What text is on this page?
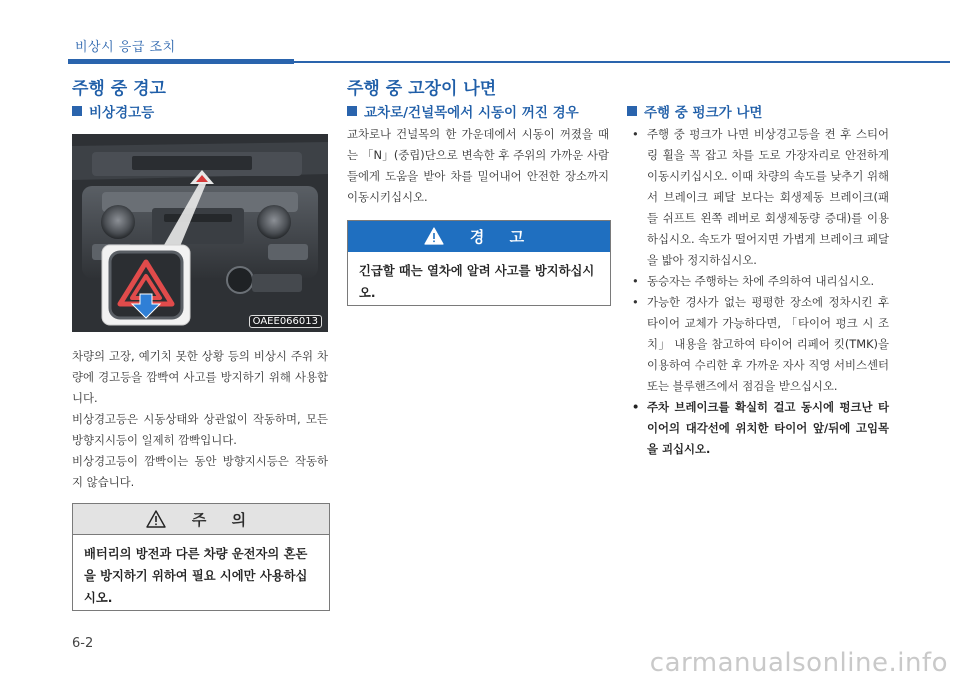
비상시 응급 조치
주행 중 경고
비상경고등
OAEE066013

차량의 고장, 예기치 못한 상황 등의 비상시 주위 차량에 경고등을 깜빡여 사고를 방지하기 위해 사용합니다.

비상경고등은 시동상태와 상관없이 작동하며, 모든 방향지시등이 일제히 깜빡입니다.

비상경고등이 깜빡이는 동안 방향지시등은 작동하지 않습니다.

주 의
배터리의 방전과 다른 차량 운전자의 혼돈을 방지하기 위하여 필요 시에만 사용하십시오.
주행 중 고장이 나면
교차로/건널목에서 시동이 꺼진 경우

교차로나 건널목의 한 가운데에서 시동이 꺼졌을 때는 「N」(중립)단으로 변속한 후 주위의 가까운 사람들에게 도움을 받아 차를 밀어내어 안전한 장소까지 이동시키십시오.

경 고
긴급할 때는 열차에 알려 사고를 방지하십시오.
주행 중 펑크가 나면
• 주행 중 펑크가 나면 비상경고등을 켠 후 스티어링 휠을 꼭 잡고 차를 도로 가장자리로 안전하게 이동시키십시오. 이때 차량의 속도를 낮추기 위해서 브레이크 페달 보다는 회생제동 브레이크(패들 쉬프트 왼쪽 레버로 회생제동량 증대)를 이용하십시오. 속도가 떨어지면 가볍게 브레이크 페달을 밟아 정지하십시오.
• 동승자는 주행하는 차에 주의하여 내리십시오.
• 가능한 경사가 없는 평평한 장소에 정차시킨 후 타이어 교체가 가능하다면, 「타이어 펑크 시 조치」 내용을 참고하여 타이어 리페어 킷(TMK)을 이용하여 수리한 후 가까운 자사 직영 서비스센터 또는 블루핸즈에서 점검을 받으십시오.
• 주차 브레이크를 확실히 걸고 동시에 펑크난 타이어의 대각선에 위치한 타이어 앞/뒤에 고임목을 괴십시오.
6-2
carmanualsonline.info
